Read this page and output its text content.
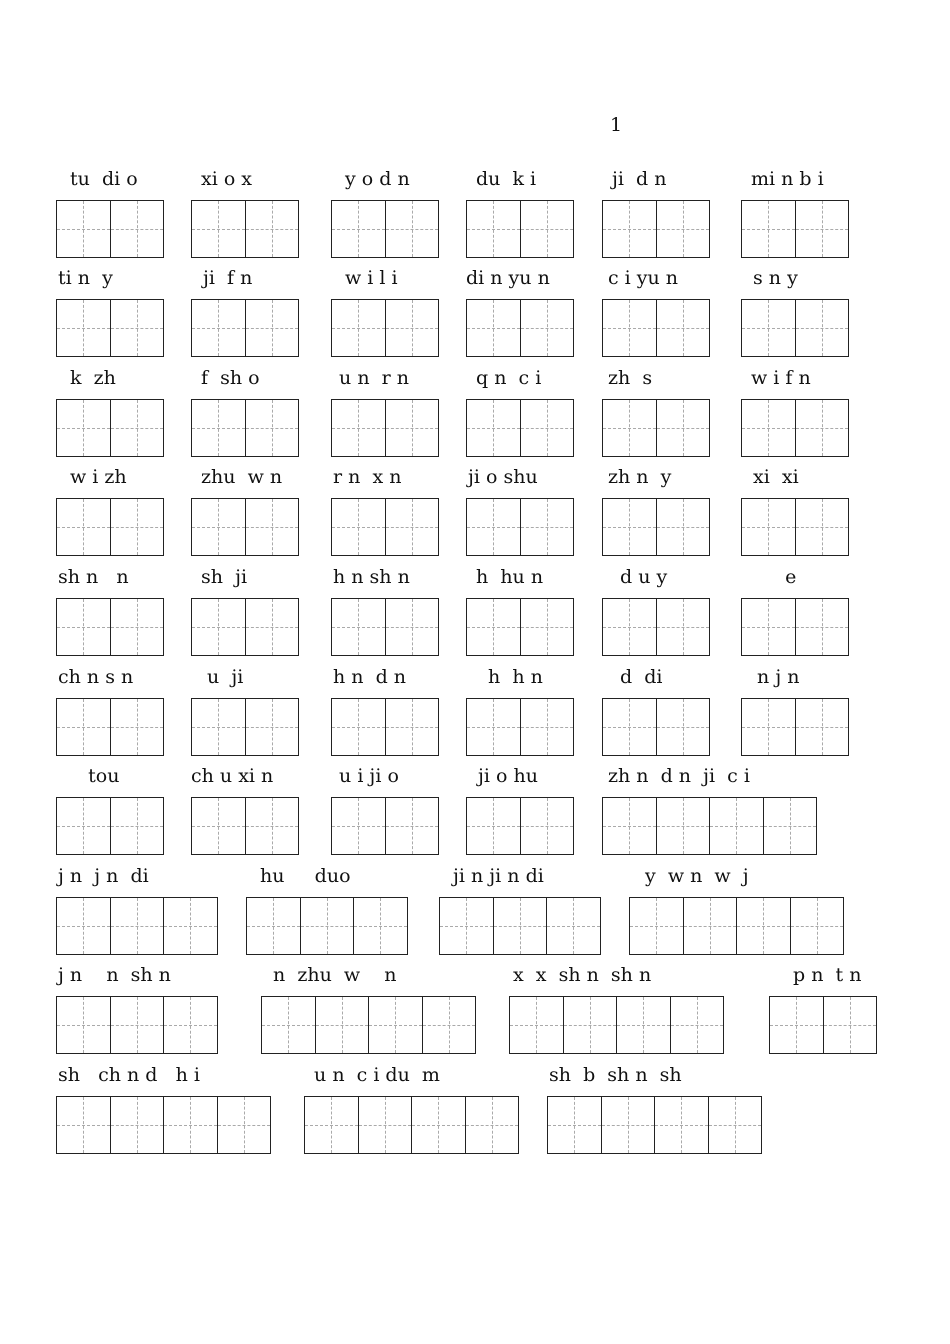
1
tu  di o	xi o x	y o d n	du  k i	ji  d n	mi n b i
ti n  y	ji  f n	w i l i	di n yu n	c i yu n	s n y
k  zh	f  sh o	u n  r n	q n  c i	zh  s	w i f n
w i zh	zhu  w n	r n  x n	ji o shu	zh n  y	xi  xi
sh n   n	sh  ji	h n sh n	h  hu n	d u y	e
ch n s n	u  ji	h n  d n	h  h n	d  di	n j n
tou	ch u xi n	u i ji o	ji o hu	zh n  d n  ji  c i
j n  j n  di	hu     duo	ji n ji n di	y  w n  w  j
j n    n  sh n	n  zhu  w    n	x  x  sh n  sh n	p n  t n
sh   ch n d   h i	u n  c i du  m	sh  b  sh n  sh
